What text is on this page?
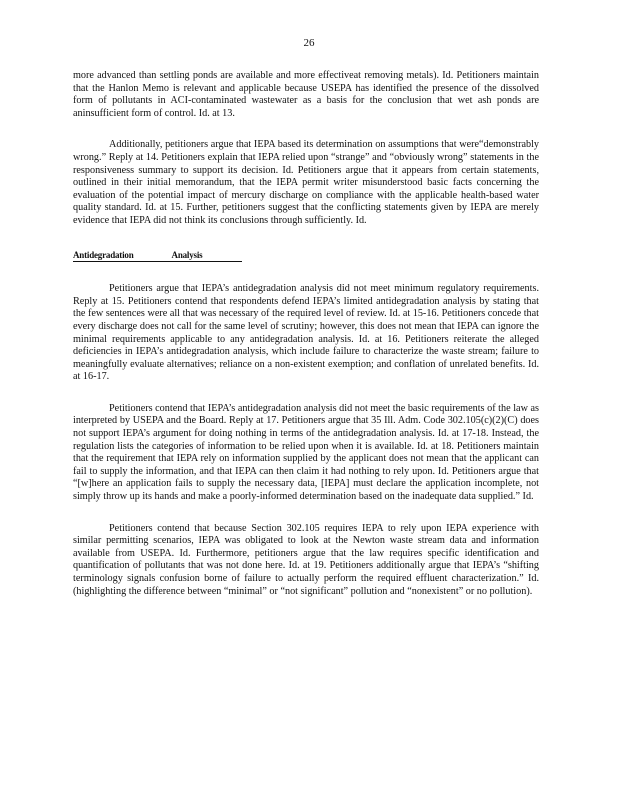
26

more advanced than settling ponds are available and more effectiveat removing metals). Id. Petitioners maintain that the Hanlon Memo is relevant and applicable because USEPA has identified the presence of the dissolved form of pollutants in ACI-contaminated wastewater as a basis for the conclusion that wet ash ponds are aninsufficient form of control. Id. at 13.

Additionally, petitioners argue that IEPA based its determination on assumptions that were“demonstrably wrong.” Reply at 14. Petitioners explain that IEPA relied upon “strange” and “obviously wrong” statements in the responsiveness summary to support its decision. Id. Petitioners argue that it appears from certain statements, outlined in their initial memorandum, that the IEPA permit writer misunderstood basic facts concerning the evaluation of the potential impact of mercury discharge on compliance with the applicable health-based water quality standard. Id. at 15. Further, petitioners suggest that the conflicting statements given by IEPA are merely evidence that IEPA did not think its conclusions through sufficiently. Id.

Antidegradation	Analysis

Petitioners argue that IEPA’s antidegradation analysis did not meet minimum regulatory requirements. Reply at 15. Petitioners contend that respondents defend IEPA’s limited antidegradation analysis by stating that the few sentences were all that was necessary of the required level of review. Id. at 15-16. Petitioners concede that every discharge does not call for the same level of scrutiny; however, this does not mean that IEPA can ignore the minimal requirements applicable to any antidegradation analysis. Id. at 16. Petitioners reiterate the alleged deficiencies in IEPA’s antidegradation analysis, which include failure to characterize the waste stream; failure to meaningfully evaluate alternatives; reliance on a non-existent exemption; and conflation of unrelated benefits. Id. at 16-17.

Petitioners contend that IEPA’s antidegradation analysis did not meet the basic requirements of the law as interpreted by USEPA and the Board. Reply at 17. Petitioners argue that 35 Ill. Adm. Code 302.105(c)(2)(C) does not support IEPA’s argument for doing nothing in terms of the antidegradation analysis. Id. at 17-18. Instead, the regulation lists the categories of information to be relied upon when it is available. Id. at 18. Petitioners maintain that the requirement that IEPA rely on information supplied by the applicant does not mean that the applicant can fail to supply the information, and that IEPA can then claim it had nothing to rely upon. Id. Petitioners argue that “[w]here an application fails to supply the necessary data, [IEPA] must declare the application incomplete, not simply throw up its hands and make a poorly-informed determination based on the inadequate data supplied.” Id.

Petitioners contend that because Section 302.105 requires IEPA to rely upon IEPA experience with similar permitting scenarios, IEPA was obligated to look at the Newton waste stream data and information available from USEPA. Id. Furthermore, petitioners argue that the law requires specific identification and quantification of pollutants that was not done here. Id. at 19. Petitioners additionally argue that IEPA’s “shifting terminology signals confusion borne of failure to actually perform the required effluent characterization.” Id. (highlighting the difference between “minimal” or “not significant” pollution and “nonexistent” or no pollution).
